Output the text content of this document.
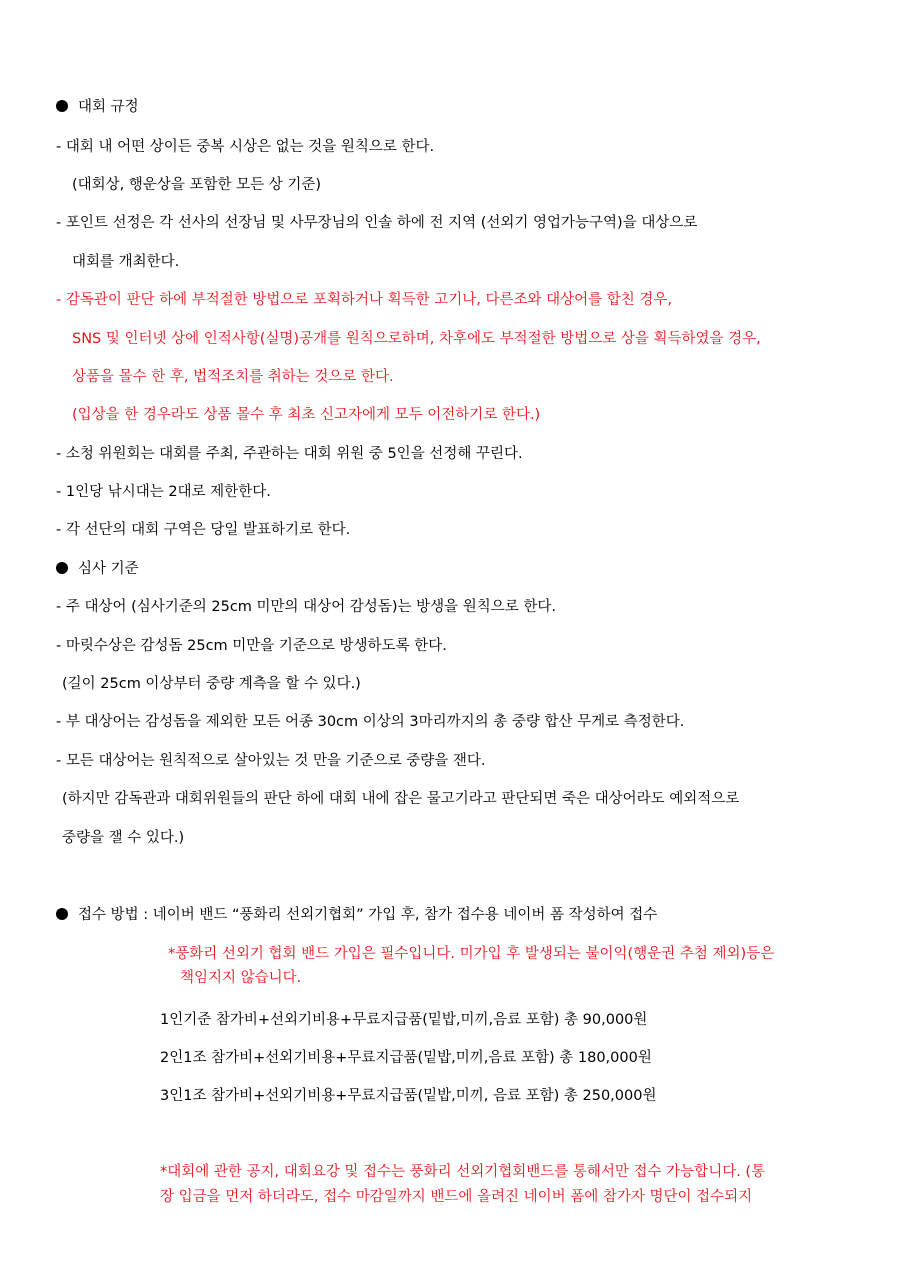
대회 규정
- 대회 내 어떤 상이든 중복 시상은 없는 것을 원칙으로 한다.
(대회상, 행운상을 포함한 모든 상 기준)
- 포인트 선정은 각 선사의 선장님 및 사무장님의 인솔 하에 전 지역 (선외기 영업가능구역)을 대상으로
대회를 개최한다.
- 감독관이 판단 하에 부적절한 방법으로 포획하거나 획득한 고기나, 다른조와 대상어를 합친 경우,
SNS 및 인터넷 상에 인적사항(실명)공개를 원칙으로하며, 차후에도 부적절한 방법으로 상을 획득하였을 경우,
상품을 몰수 한 후, 법적조치를 취하는 것으로 한다.
(입상을 한 경우라도 상품 몰수 후 최초 신고자에게 모두 이전하기로 한다.)
- 소청 위원회는 대회를 주최, 주관하는 대회 위원 중 5인을 선정해 꾸린다.
- 1인당 낚시대는 2대로 제한한다.
- 각 선단의 대회 구역은 당일 발표하기로 한다.
심사 기준
- 주 대상어 (심사기준의 25cm 미만의 대상어 감성돔)는 방생을 원칙으로 한다.
- 마릿수상은 감성돔 25cm 미만을 기준으로 방생하도록 한다.
(길이 25cm 이상부터 중량 계측을 할 수 있다.)
- 부 대상어는 감성돔을 제외한 모든 어종 30cm 이상의 3마리까지의 총 중량 합산 무게로 측정한다.
- 모든 대상어는 원칙적으로 살아있는 것 만을 기준으로 중량을 잰다.
(하지만 감독관과 대회위원들의 판단 하에 대회 내에 잡은 물고기라고 판단되면 죽은 대상어라도 예외적으로
중량을 잴 수 있다.)
접수 방법 : 네이버 밴드 “풍화리 선외기협회” 가입 후, 참가 접수용 네이버 폼 작성하여 접수
*풍화리 선외기 협회 밴드 가입은 필수입니다. 미가입 후 발생되는 불이익(행운권 추첨 제외)등은
책임지지 않습니다.
1인기준 참가비+선외기비용+무료지급품(밑밥,미끼,음료 포함) 총 90,000원
2인1조 참가비+선외기비용+무료지급품(밑밥,미끼,음료 포함) 총 180,000원
3인1조 참가비+선외기비용+무료지급품(밑밥,미끼, 음료 포함) 총 250,000원
*대회에 관한 공지, 대회요강 및 접수는 풍화리 선외기협회밴드를 통해서만 접수 가능합니다. (통
장 입금을 먼저 하더라도, 접수 마감일까지 밴드에 올려진 네이버 폼에 참가자 명단이 접수되지
